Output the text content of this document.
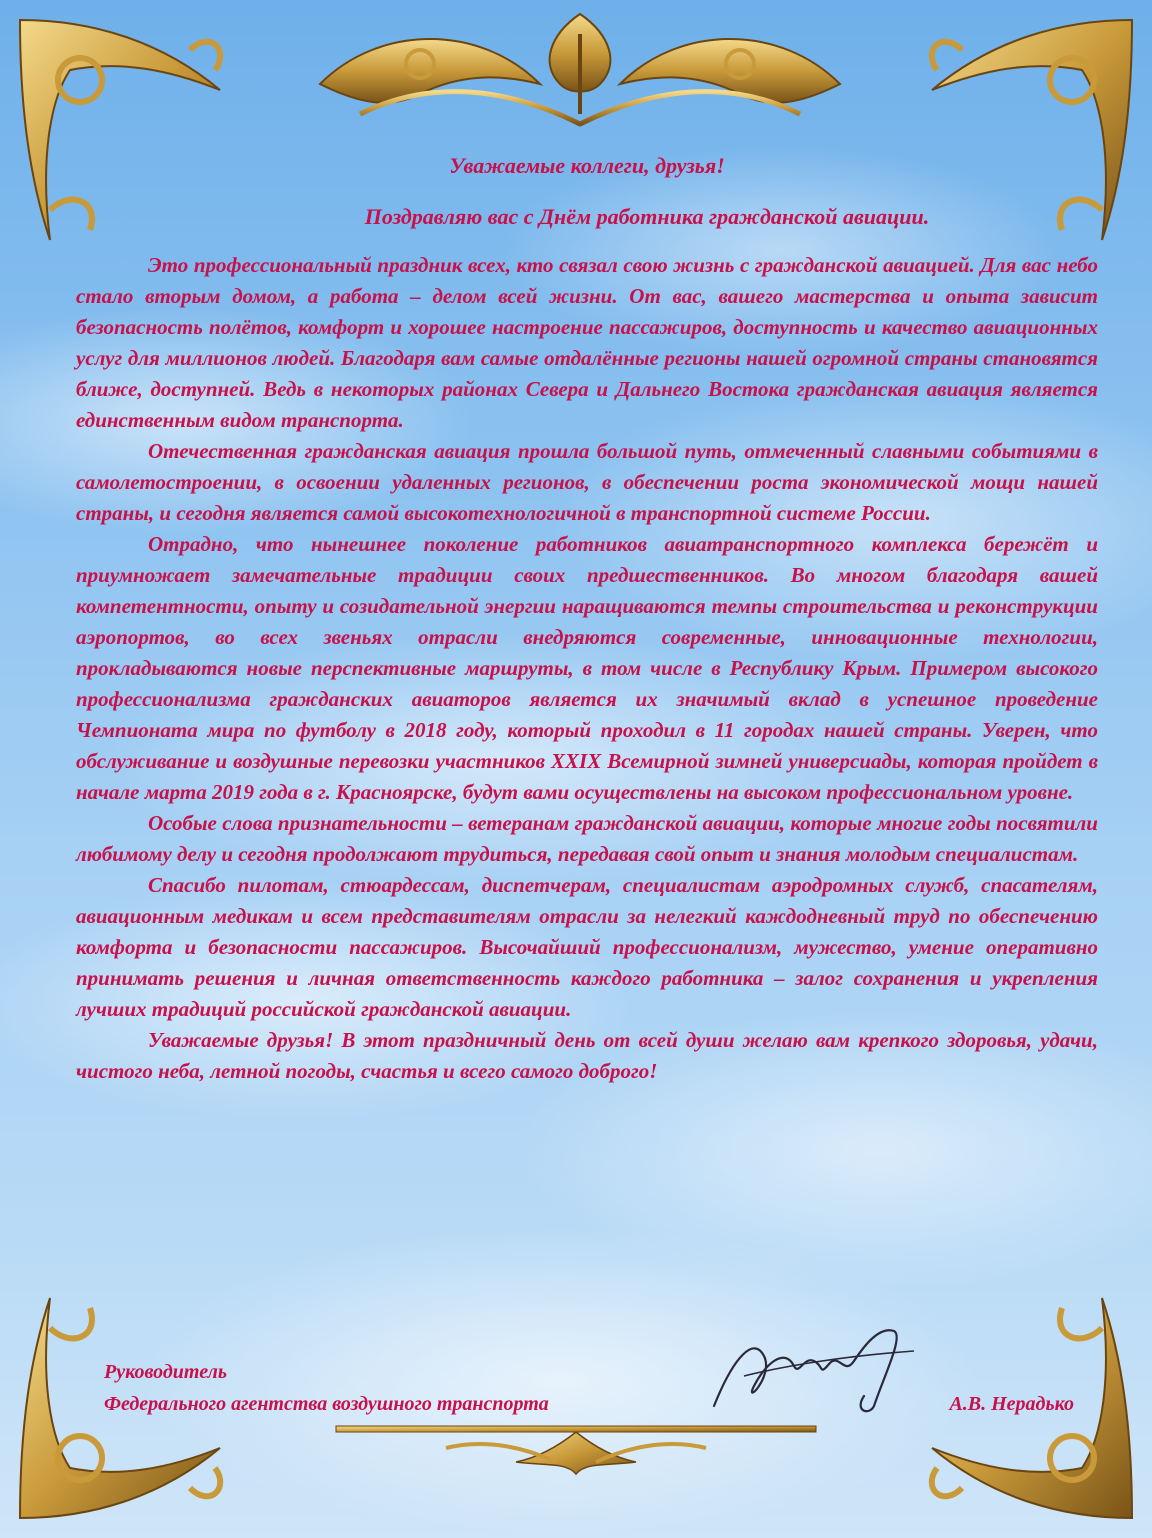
Уважаемые коллеги, друзья!

Поздравляю вас с Днём работника гражданской авиации.

Это профессиональный праздник всех, кто связал свою жизнь с гражданской авиацией. Для вас небо стало вторым домом, а работа – делом всей жизни. От вас, вашего мастерства и опыта зависит безопасность полётов, комфорт и хорошее настроение пассажиров, доступность и качество авиационных услуг для миллионов людей. Благодаря вам самые отдалённые регионы нашей огромной страны становятся ближе, доступней. Ведь в некоторых районах Севера и Дальнего Востока гражданская авиация является единственным видом транспорта.

Отечественная гражданская авиация прошла большой путь, отмеченный славными событиями в самолетостроении, в освоении удаленных регионов, в обеспечении роста экономической мощи нашей страны, и сегодня является самой высокотехнологичной в транспортной системе России.

Отрадно, что нынешнее поколение работников авиатранспортного комплекса бережёт и приумножает замечательные традиции своих предшественников. Во многом благодаря вашей компетентности, опыту и созидательной энергии наращиваются темпы строительства и реконструкции аэропортов, во всех звеньях отрасли внедряются современные, инновационные технологии, прокладываются новые перспективные маршруты, в том числе в Республику Крым. Примером высокого профессионализма гражданских авиаторов является их значимый вклад в успешное проведение Чемпионата мира по футболу в 2018 году, который проходил в 11 городах нашей страны. Уверен, что обслуживание и воздушные перевозки участников XXIX Всемирной зимней универсиады, которая пройдет в начале марта 2019 года в г. Красноярске, будут вами осуществлены на высоком профессиональном уровне.

Особые слова признательности – ветеранам гражданской авиации, которые многие годы посвятили любимому делу и сегодня продолжают трудиться, передавая свой опыт и знания молодым специалистам.

Спасибо пилотам, стюардессам, диспетчерам, специалистам аэродромных служб, спасателям, авиационным медикам и всем представителям отрасли за нелегкий каждодневный труд по обеспечению комфорта и безопасности пассажиров. Высочайший профессионализм, мужество, умение оперативно принимать решения и личная ответственность каждого работника – залог сохранения и укрепления лучших традиций российской гражданской авиации.

Уважаемые друзья! В этот праздничный день от всей души желаю вам крепкого здоровья, удачи, чистого неба, летной погоды, счастья и всего самого доброго!

Руководитель
Федерального агентства воздушного транспорта	А.В. Нерадько
